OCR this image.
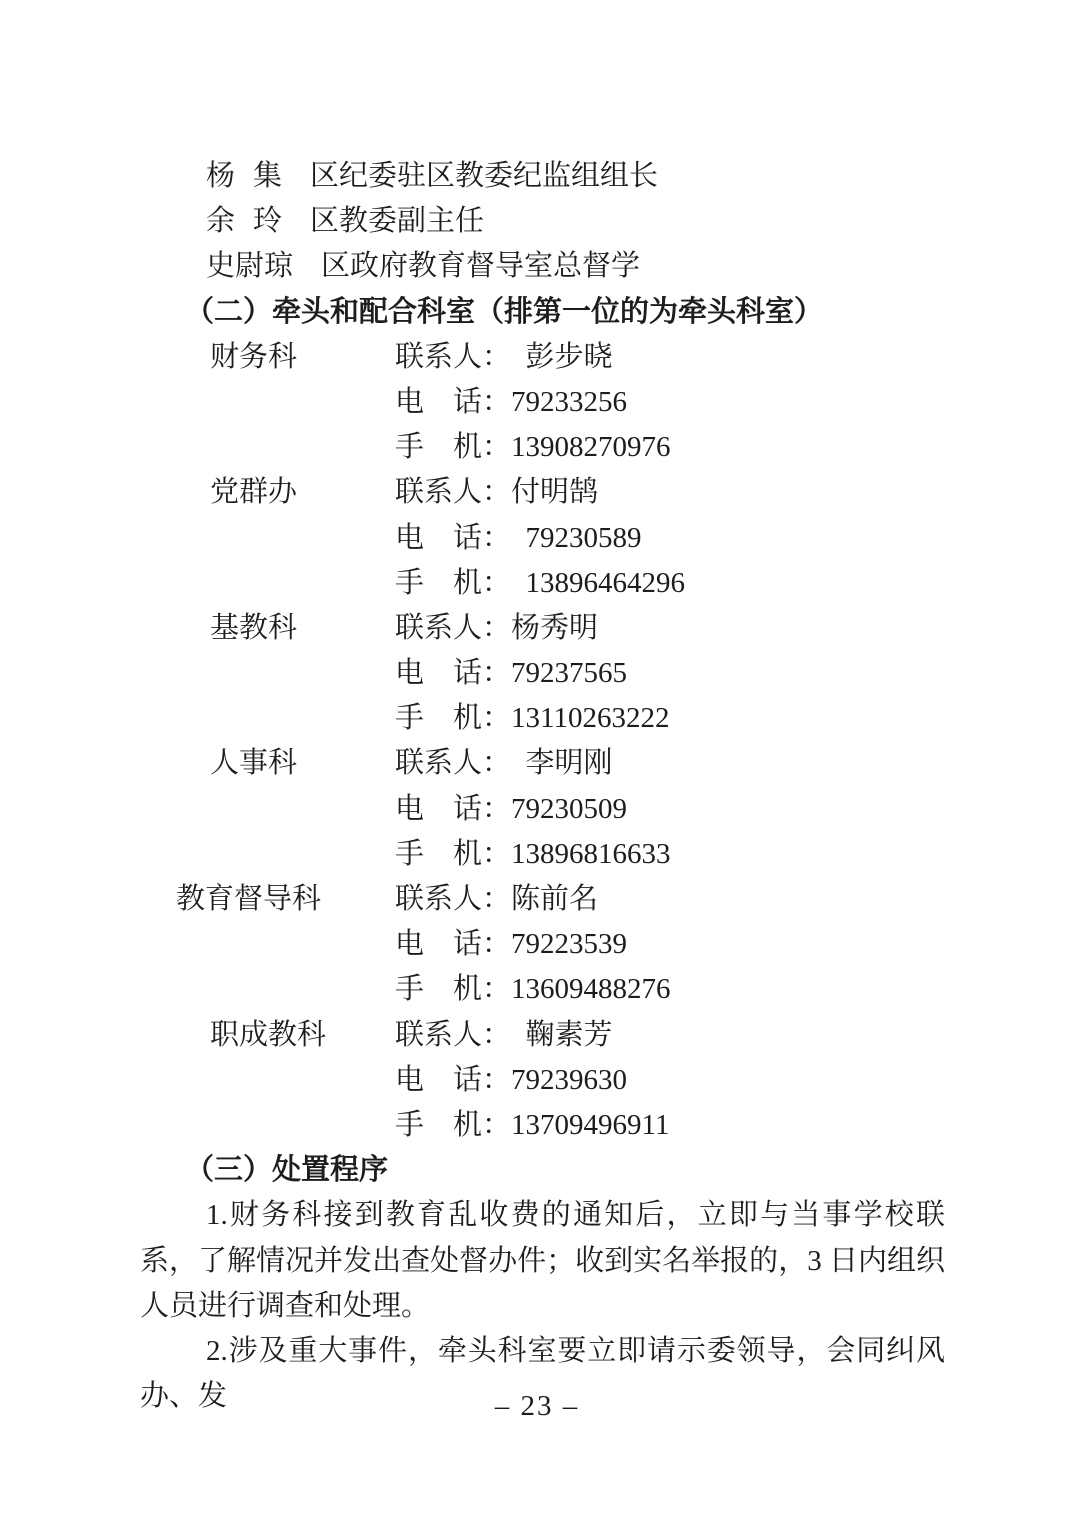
杨集 区纪委驻区教委纪监组组长
余玲 区教委副主任
史尉琼 区政府教育督导室总督学
（二）牵头和配合科室（排第一位的为牵头科室）
财务科	联系人：　彭步晓
电　话：79233256
手　机：13908270976
党群办	联系人：付明鹄
电　话：　79230589
手　机：　13896464296
基教科	联系人：杨秀明
电　话：79237565
手　机：13110263222
人事科	联系人：　李明刚
电　话：79230509
手　机：13896816633
教育督导科	联系人：陈前名
电　话：79223539
手　机：13609488276
职成教科	联系人：　鞠素芳
电　话：79239630
手　机：13709496911
（三）处置程序
1.财务科接到教育乱收费的通知后，立即与当事学校联系，了解情况并发出查处督办件；收到实名举报的，3 日内组织人员进行调查和处理。
2.涉及重大事件，牵头科室要立即请示委领导，会同纠风办、发	– 23 –
